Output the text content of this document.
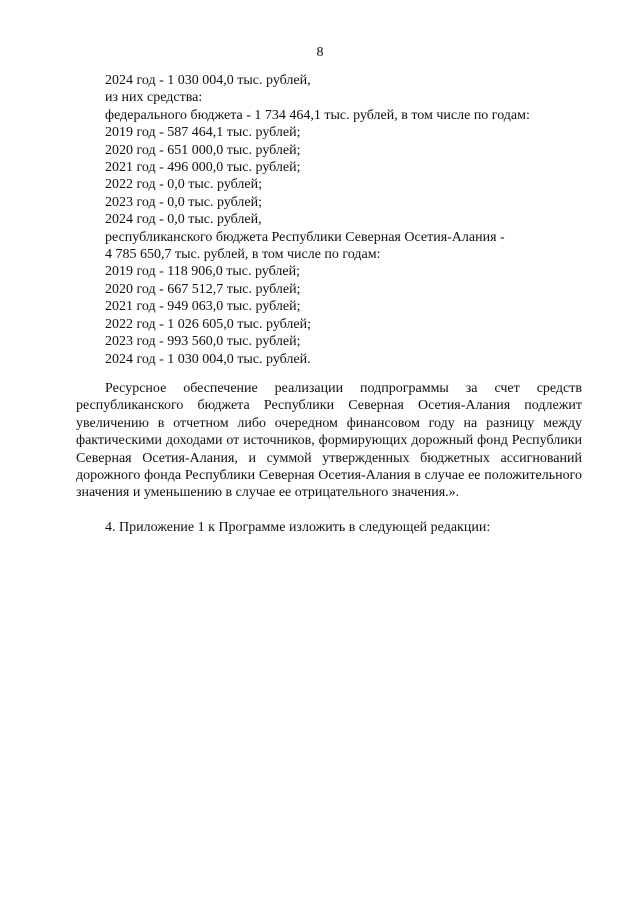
8
2024 год - 1 030 004,0 тыс. рублей,
из них средства:
федерального бюджета - 1 734 464,1 тыс. рублей, в том числе по годам:
2019 год - 587 464,1 тыс. рублей;
2020 год - 651 000,0 тыс. рублей;
2021 год - 496 000,0 тыс. рублей;
2022 год - 0,0 тыс. рублей;
2023 год - 0,0 тыс. рублей;
2024 год - 0,0 тыс. рублей,
республиканского бюджета Республики Северная Осетия-Алания -
4 785 650,7 тыс. рублей, в том числе по годам:
2019 год - 118 906,0 тыс. рублей;
2020 год - 667 512,7 тыс. рублей;
2021 год - 949 063,0 тыс. рублей;
2022 год - 1 026 605,0 тыс. рублей;
2023 год - 993 560,0 тыс. рублей;
2024 год - 1 030 004,0 тыс. рублей.

Ресурсное обеспечение реализации подпрограммы за счет средств республиканского бюджета Республики Северная Осетия-Алания подлежит увеличению в отчетном либо очередном финансовом году на разницу между фактическими доходами от источников, формирующих дорожный фонд Республики Северная Осетия-Алания, и суммой утвержденных бюджетных ассигнований дорожного фонда Республики Северная Осетия-Алания в случае ее положительного значения и уменьшению в случае ее отрицательного значения.».

4. Приложение 1 к Программе изложить в следующей редакции:
